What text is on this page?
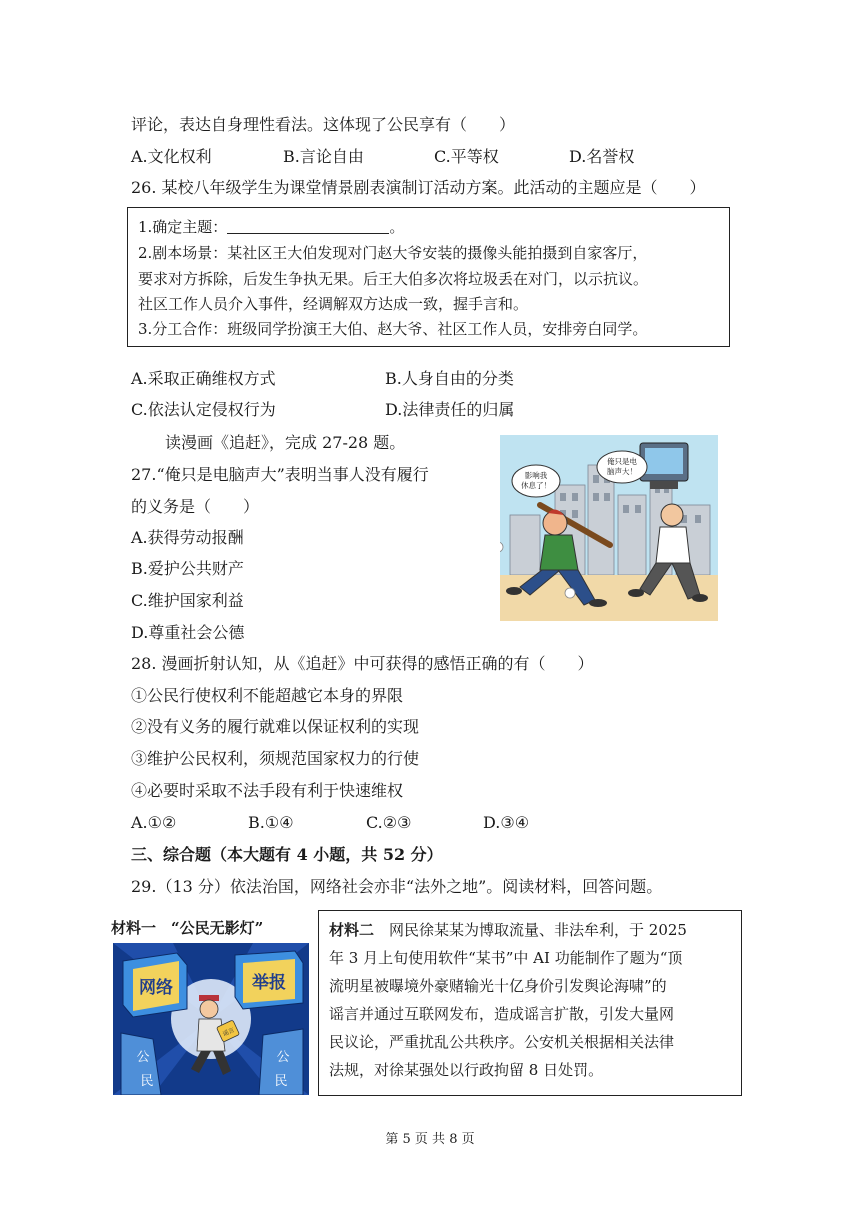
评论，表达自身理性看法。这体现了公民享有（　　）
A.文化权利	B.言论自由	C.平等权	D.名誉权
26. 某校八年级学生为课堂情景剧表演制订活动方案。此活动的主题应是（　　）
1.确定主题：	。
2.剧本场景：某社区王大伯发现对门赵大爷安装的摄像头能拍摄到自家客厅，
要求对方拆除，后发生争执无果。后王大伯多次将垃圾丢在对门，以示抗议。
社区工作人员介入事件，经调解双方达成一致，握手言和。
3.分工合作：班级同学扮演王大伯、赵大爷、社区工作人员，安排旁白同学。
A.采取正确维权方式	B.人身自由的分类
C.依法认定侵权行为	D.法律责任的归属
读漫画《追赶》，完成 27-28 题。
27.“俺只是电脑声大”表明当事人没有履行
的义务是（　　）
A.获得劳动报酬
B.爱护公共财产
C.维护国家利益
D.尊重社会公德
影响我
休息了！
俺只是电
脑声大！
28. 漫画折射认知，从《追赶》中可获得的感悟正确的有（　　）
①公民行使权利不能超越它本身的界限
②没有义务的履行就难以保证权利的实现
③维护公民权利，须规范国家权力的行使
④必要时采取不法手段有利于快速维权
A.①②	B.①④	C.②③	D.③④
三、综合题（本大题有 4 小题，共 52 分）
29.（13 分）依法治国，网络社会亦非“法外之地”。阅读材料，回答问题。
材料一　“公民无影灯”
网络	举报
公
民
公
民
谣言
材料二　 网民徐某某为博取流量、非法牟利，于 2025
年 3 月上旬使用软件“某书”中 AI 功能制作了题为“顶
流明星被曝境外豪赌输光十亿身价引发舆论海啸”的
谣言并通过互联网发布，造成谣言扩散，引发大量网
民议论，严重扰乱公共秩序。公安机关根据相关法律
法规，对徐某强处以行政拘留 8 日处罚。
第 5 页 共 8 页
